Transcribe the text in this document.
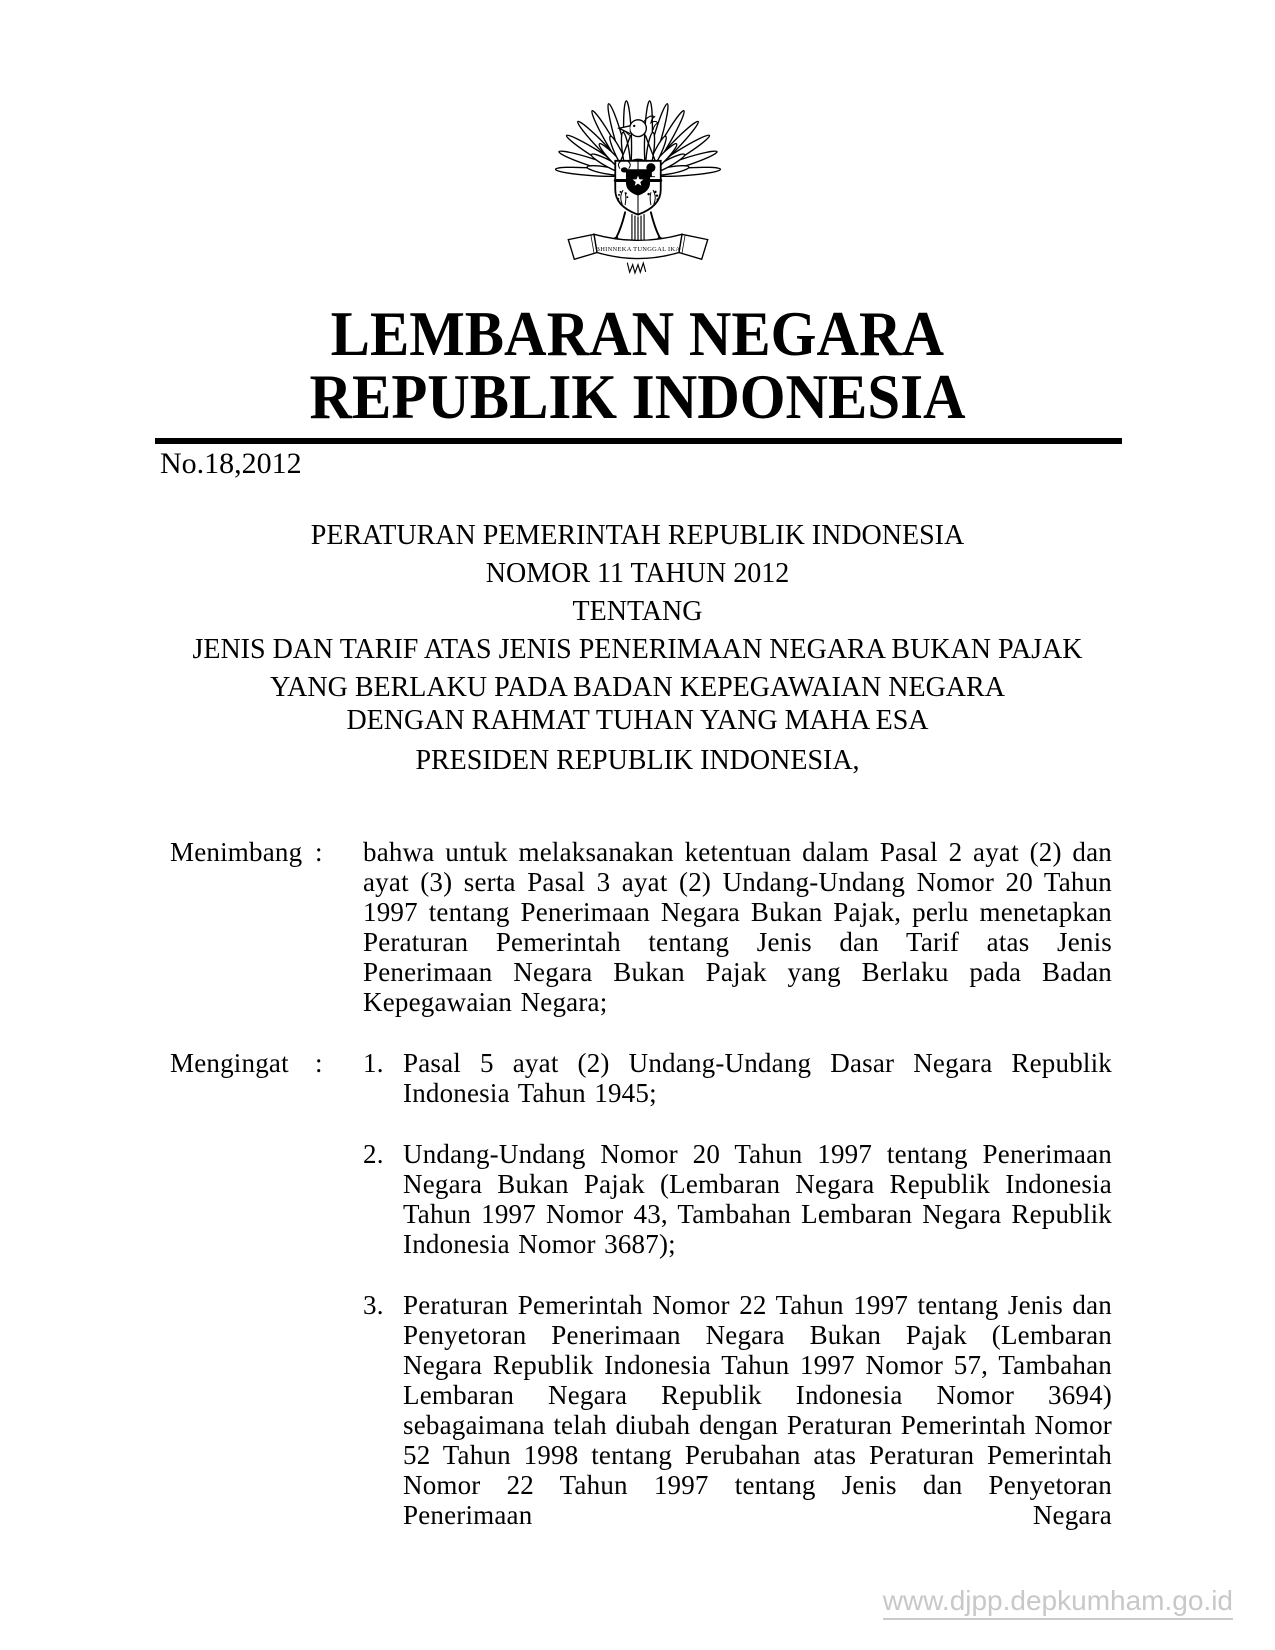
BHINNEKA TUNGGAL IKA
LEMBARAN NEGARA
REPUBLIK INDONESIA
No.18,2012
PERATURAN PEMERINTAH REPUBLIK INDONESIA
NOMOR 11 TAHUN 2012
TENTANG
JENIS DAN TARIF ATAS JENIS PENERIMAAN NEGARA BUKAN PAJAK
YANG BERLAKU PADA BADAN KEPEGAWAIAN NEGARA
DENGAN RAHMAT TUHAN YANG MAHA ESA
PRESIDEN REPUBLIK INDONESIA,
Menimbang :	bahwa untuk melaksanakan ketentuan dalam Pasal 2 ayat (2) dan ayat (3) serta Pasal 3 ayat (2) Undang-Undang Nomor 20 Tahun 1997 tentang Penerimaan Negara Bukan Pajak, perlu menetapkan Peraturan Pemerintah tentang Jenis dan Tarif atas Jenis Penerimaan Negara Bukan Pajak yang Berlaku pada Badan Kepegawaian Negara;
Mengingat :	1. Pasal 5 ayat (2) Undang-Undang Dasar Negara Republik Indonesia Tahun 1945;
2. Undang-Undang Nomor 20 Tahun 1997 tentang Penerimaan Negara Bukan Pajak (Lembaran Negara Republik Indonesia Tahun 1997 Nomor 43, Tambahan Lembaran Negara Republik Indonesia Nomor 3687);
3. Peraturan Pemerintah Nomor 22 Tahun 1997 tentang Jenis dan Penyetoran Penerimaan Negara Bukan Pajak (Lembaran Negara Republik Indonesia Tahun 1997 Nomor 57, Tambahan Lembaran Negara Republik Indonesia Nomor 3694) sebagaimana telah diubah dengan Peraturan Pemerintah Nomor 52 Tahun 1998 tentang Perubahan atas Peraturan Pemerintah Nomor 22 Tahun 1997 tentang Jenis dan Penyetoran Penerimaan Negara
www.djpp.depkumham.go.id
